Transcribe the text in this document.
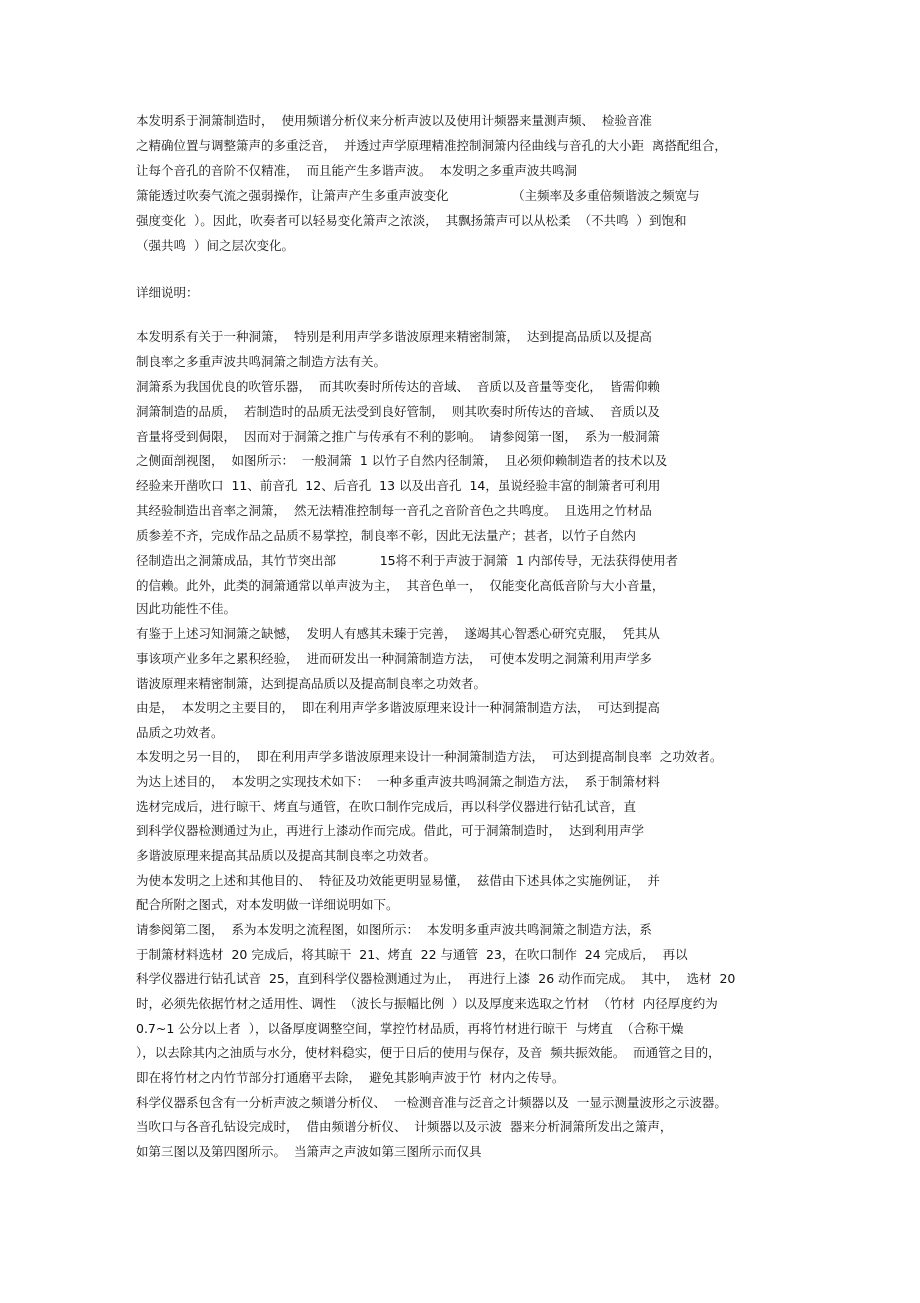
本发明系于洞箫制造时，  使用频谱分析仪来分析声波以及使用计频器来量测声频、  检验音准

之精确位置与调整箫声的多重泛音，  并透过声学原理精准控制洞箫内径曲线与音孔的大小距  离搭配组合，

让每个音孔的音阶不仅精准，  而且能产生多谐声波。  本发明之多重声波共鸣洞

箫能透过吹奏气流之强弱操作，让箫声产生多重声波变化                （主频率及多重倍频谐波之频宽与

强度变化  ）。因此，吹奏者可以轻易变化箫声之浓淡，  其飘扬箫声可以从松柔  （不共鸣  ）到饱和

（强共鸣  ）间之层次变化。

详细说明：

本发明系有关于一种洞箫，  特别是利用声学多谐波原理来精密制箫，  达到提高品质以及提高

制良率之多重声波共鸣洞箫之制造方法有关。

洞箫系为我国优良的吹管乐器，  而其吹奏时所传达的音域、  音质以及音量等变化，  皆需仰赖

洞箫制造的品质，  若制造时的品质无法受到良好管制，  则其吹奏时所传达的音域、  音质以及

音量将受到侷限，  因而对于洞箫之推广与传承有不利的影响。  请参阅第一图，  系为一般洞箫

之侧面剖视图，  如图所示：  一般洞箫  1 以竹子自然内径制箫，  且必须仰赖制造者的技术以及

经验来开凿吹口  11、前音孔  12、后音孔  13 以及出音孔  14，虽说经验丰富的制箫者可利用

其经验制造出音率之洞箫，  然无法精准控制每一音孔之音阶音色之共鸣度。  且选用之竹材品

质参差不齐，完成作品之品质不易掌控，制良率不彰，因此无法量产；甚者，以竹子自然内

径制造出之洞箫成品，其竹节突出部           15将不利于声波于洞箫  1 内部传导，无法获得使用者

的信赖。此外，此类的洞箫通常以单声波为主，  其音色单一，  仅能变化高低音阶与大小音量，

因此功能性不佳。

有鉴于上述习知洞箫之缺憾，  发明人有感其未臻于完善，  遂竭其心智悉心研究克服，  凭其从

事该项产业多年之累积经验，  进而研发出一种洞箫制造方法，  可使本发明之洞箫利用声学多

谐波原理来精密制箫，达到提高品质以及提高制良率之功效者。

由是，  本发明之主要目的，  即在利用声学多谐波原理来设计一种洞箫制造方法，  可达到提高

品质之功效者。

本发明之另一目的，  即在利用声学多谐波原理来设计一种洞箫制造方法，  可达到提高制良率  之功效者。

为达上述目的，  本发明之实现技术如下：  一种多重声波共鸣洞箫之制造方法，  系于制箫材料

选材完成后，进行晾干、烤直与通管，在吹口制作完成后，再以科学仪器进行钻孔试音，直

到科学仪器检测通过为止，再进行上漆动作而完成。借此，可于洞箫制造时，  达到利用声学

多谐波原理来提高其品质以及提高其制良率之功效者。

为使本发明之上述和其他目的、  特征及功效能更明显易懂，  兹借由下述具体之实施例证，  并

配合所附之图式，对本发明做一详细说明如下。

请参阅第二图，  系为本发明之流程图，如图所示：  本发明多重声波共鸣洞箫之制造方法，系

于制箫材料选材  20 完成后，将其晾干  21、烤直  22 与通管  23，在吹口制作  24 完成后，  再以

科学仪器进行钻孔试音  25，直到科学仪器检测通过为止，  再进行上漆  26 动作而完成。  其中，  选材  20

时，必须先依据竹材之适用性、调性  （波长与振幅比例  ）以及厚度来选取之竹材  （竹材  内径厚度约为

0.7~1 公分以上者  ），以备厚度调整空间，掌控竹材品质，再将竹材进行晾干  与烤直  （合称干燥

），以去除其内之油质与水分，使材料稳实，便于日后的使用与保存，及音  频共振效能。  而通管之目的，

即在将竹材之内竹节部分打通磨平去除，  避免其影响声波于竹  材内之传导。

科学仪器系包含有一分析声波之频谱分析仪、  一检测音准与泛音之计频器以及  一显示测量波形之示波器。

当吹口与各音孔钻设完成时，  借由频谱分析仪、  计频器以及示波  器来分析洞箫所发出之箫声，

如第三图以及第四图所示。  当箫声之声波如第三图所示而仅具
